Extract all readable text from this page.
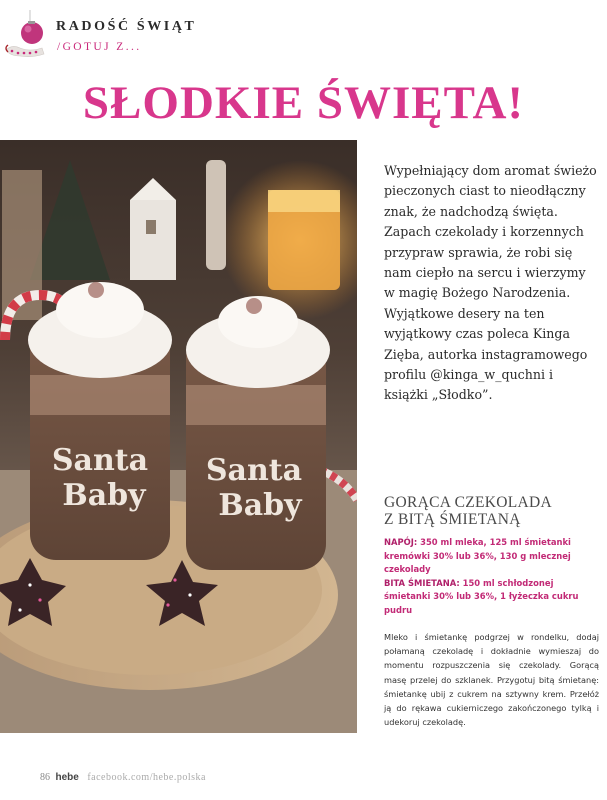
RADOŚĆ ŚWIĄT
/GOTUJ Z...
SŁODKIE ŚWIĘTA!
Santa
Baby
Santa
Baby
Wypełniający dom aromat świeżo pieczonych ciast to nieodłączny znak, że nadchodzą święta. Zapach czekolady i korzennych przypraw sprawia, że robi się nam ciepło na sercu i wierzymy w magię Bożego Narodzenia. Wyjątkowe desery na ten wyjątkowy czas poleca Kinga Zięba, autorka instagramowego profilu @kinga_w_quchni i książki „Słodko”.
GORĄCA CZEKOLADA
Z BITĄ ŚMIETANĄ

NAPÓJ: 350 ml mleka, 125 ml śmietanki kremówki 30% lub 36%, 130 g mlecznej czekolady

BITA ŚMIETANA: 150 ml schłodzonej śmietanki 30% lub 36%, 1 łyżeczka cukru pudru

Mleko i śmietankę podgrzej w rondelku, dodaj połamaną czekoladę i dokładnie wymieszaj do momentu rozpuszczenia się czekolady. Gorącą masę przelej do szklanek. Przygotuj bitą śmietanę: śmietankę ubij z cukrem na sztywny krem. Przełóż ją do rękawa cukierniczego zakończonego tylką i udekoruj czekoladę.
86 hebe facebook.com/hebe.polska
